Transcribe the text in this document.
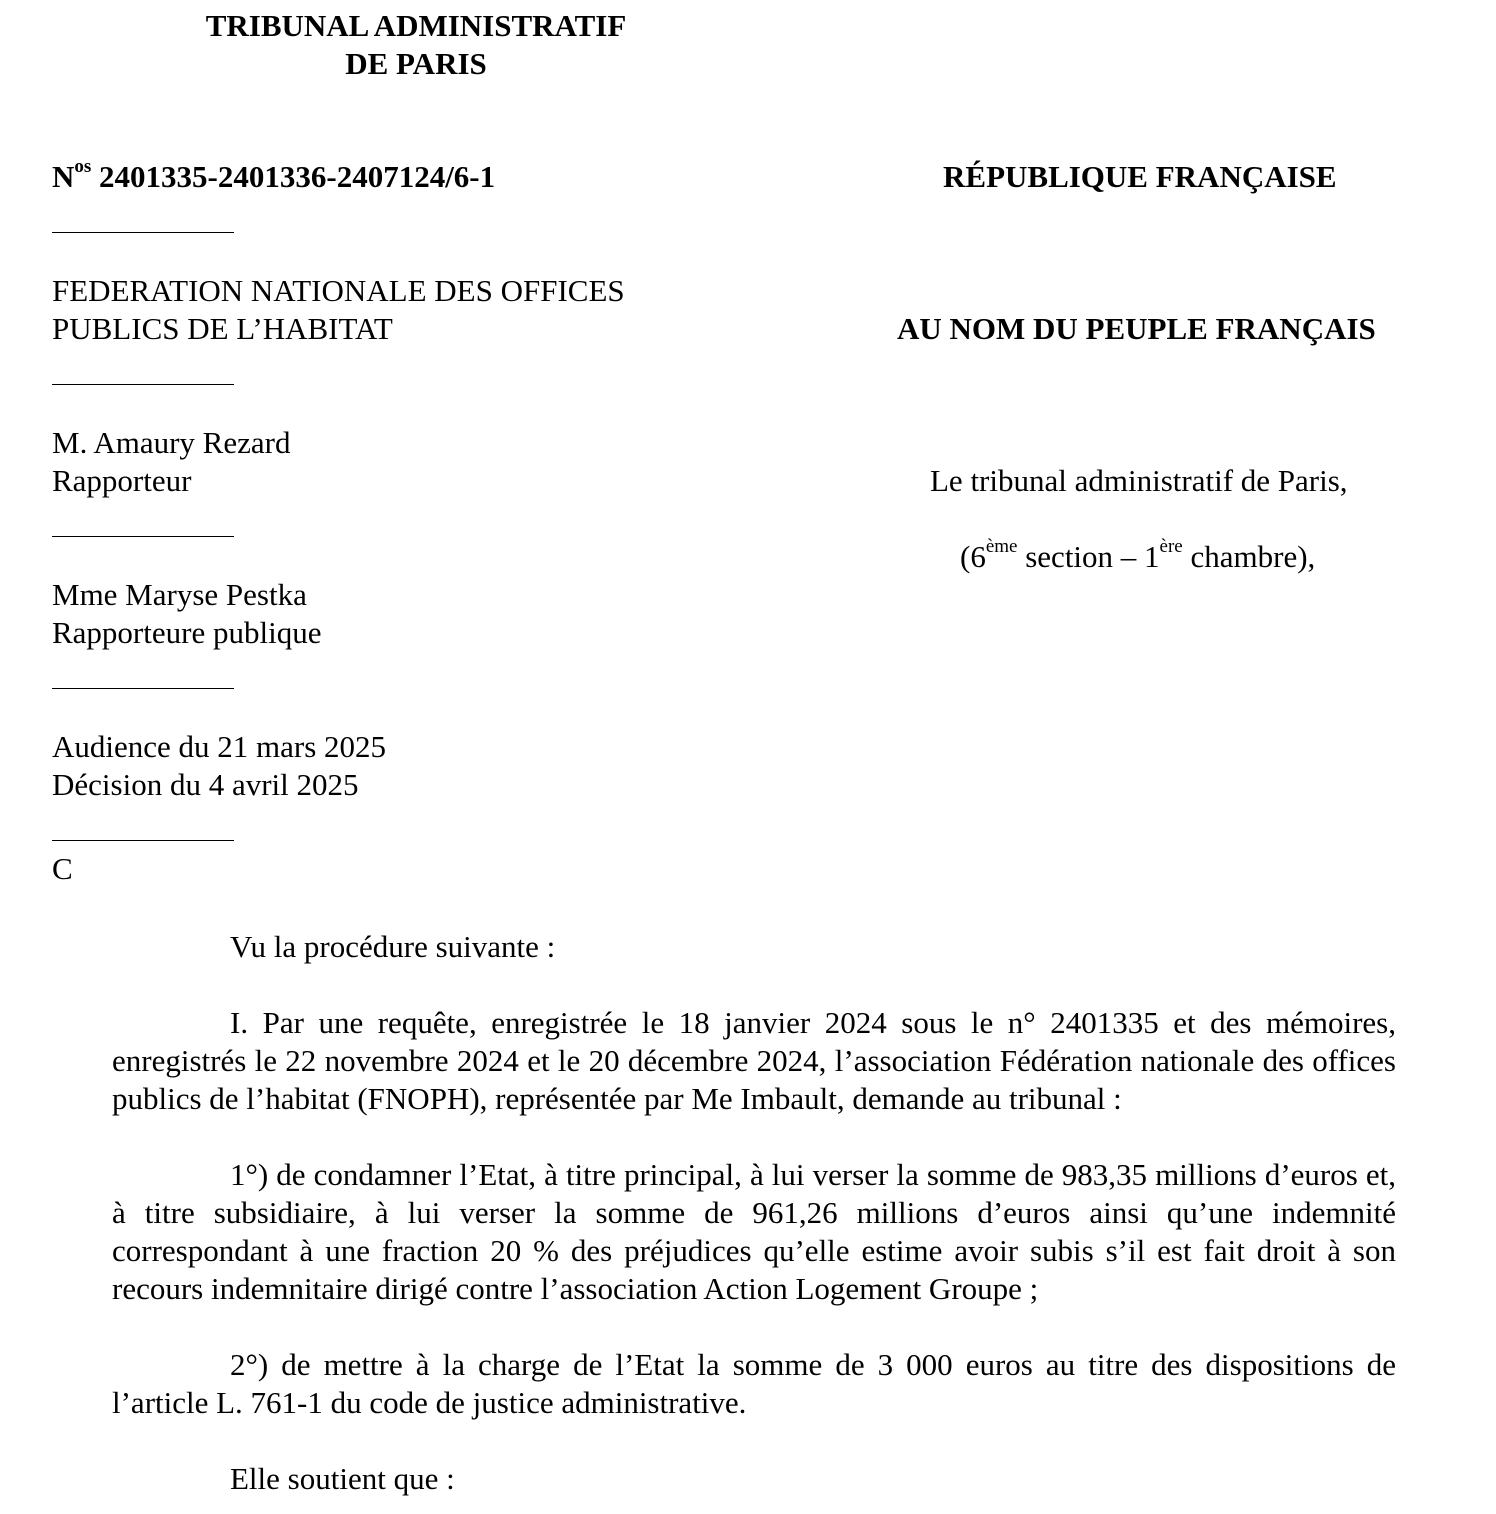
TRIBUNAL ADMINISTRATIF
DE PARIS
$N^{os}$ 2401335-2401336-2407124/6-1	RÉPUBLIQUE FRANÇAISE
FEDERATION NATIONALE DES OFFICES
PUBLICS DE L’HABITAT	AU NOM DU PEUPLE FRANÇAIS
M. Amaury Rezard
Rapporteur	Le tribunal administratif de Paris,
(6ème section – 1ère chambre),
Mme Maryse Pestka
Rapporteure publique
Audience du 21 mars 2025
Décision du 4 avril 2025
C
Vu la procédure suivante :
I. Par une requête, enregistrée le 18 janvier 2024 sous le n° 2401335 et des mémoires, enregistrés le 22 novembre 2024 et le 20 décembre 2024, l’association Fédération nationale des offices publics de l’habitat (FNOPH), représentée par Me Imbault, demande au tribunal :
1°) de condamner l’Etat, à titre principal, à lui verser la somme de 983,35 millions d’euros et, à titre subsidiaire, à lui verser la somme de 961,26 millions d’euros ainsi qu’une indemnité correspondant à une fraction 20 % des préjudices qu’elle estime avoir subis s’il est fait droit à son recours indemnitaire dirigé contre l’association Action Logement Groupe ;
2°) de mettre à la charge de l’Etat la somme de 3 000 euros au titre des dispositions de l’article L. 761-1 du code de justice administrative.
Elle soutient que :
